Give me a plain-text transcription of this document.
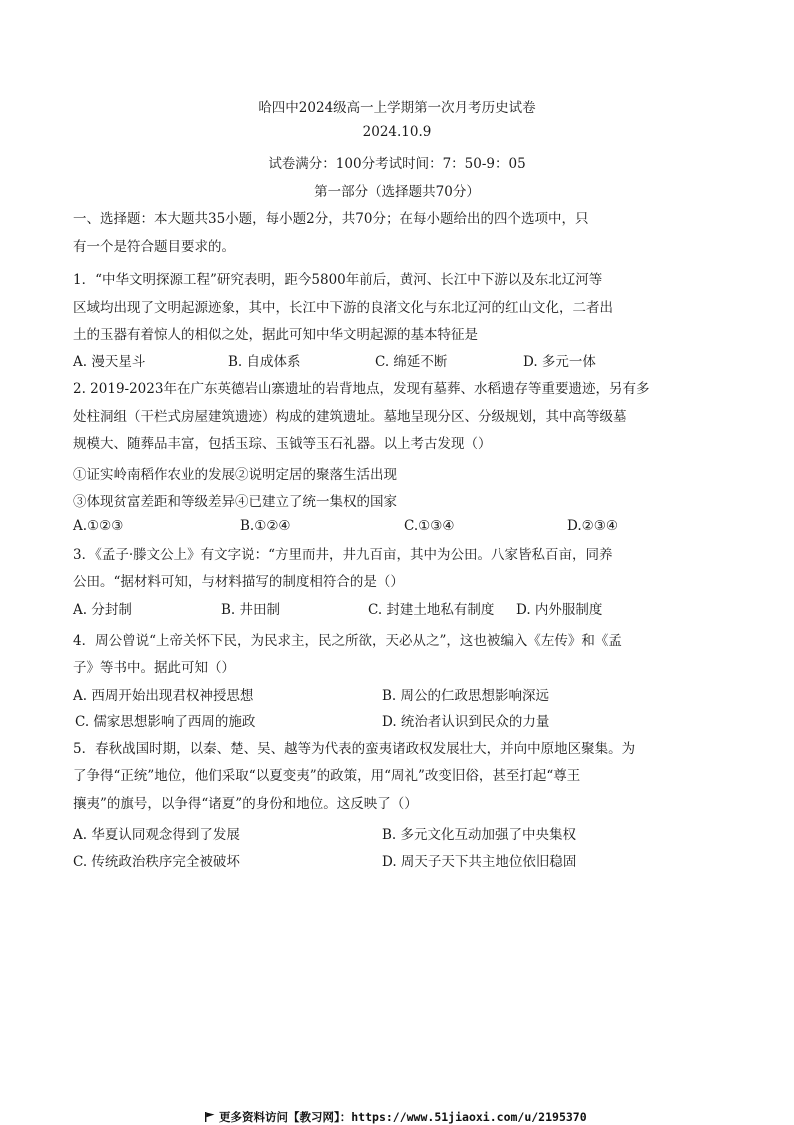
哈四中2024级高一上学期第一次月考历史试卷
2024.10.9
试卷满分：100分考试时间：7：50-9：05
第一部分（选择题共70分）
一、选择题：本大题共35小题，每小题2分，共70分；在每小题给出的四个选项中，只
有一个是符合题目要求的。
1．“中华文明探源工程”研究表明，距今5800年前后，黄河、长江中下游以及东北辽河等
区域均出现了文明起源迹象，其中，长江中下游的良渚文化与东北辽河的红山文化，二者出
土的玉器有着惊人的相似之处，据此可知中华文明起源的基本特征是
A. 漫天星斗	B. 自成体系	C. 绵延不断	D. 多元一体
2. 2019-2023年在广东英德岩山寨遗址的岩背地点，发现有墓葬、水稻遗存等重要遗迹，另有多
处柱洞组（干栏式房屋建筑遗迹）构成的建筑遗址。墓地呈现分区、分级规划，其中高等级墓
规模大、随葬品丰富，包括玉琮、玉钺等玉石礼器。以上考古发现（）
①证实岭南稻作农业的发展②说明定居的聚落生活出现
③体现贫富差距和等级差异④已建立了统一集权的国家
A.①②③	B.①②④	C.①③④	D.②③④
3．《孟子·滕文公上》有文字说：“方里而井，井九百亩，其中为公田。八家皆私百亩，同养
公田。“据材料可知，与材料描写的制度相符合的是（）
A. 分封制	B. 井田制	C. 封建土地私有制度 D. 内外服制度
4．周公曾说“上帝关怀下民，为民求主，民之所欲，天必从之”，这也被编入《左传》和《孟
子》等书中。据此可知（）
A. 西周开始出现君权神授思想	B. 周公的仁政思想影响深远
C. 儒家思想影响了西周的施政	D. 统治者认识到民众的力量
5．春秋战国时期，以秦、楚、吴、越等为代表的蛮夷诸政权发展壮大，并向中原地区聚集。为
了争得“正统”地位，他们采取“以夏变夷”的政策，用“周礼”改变旧俗，甚至打起“尊王
攘夷”的旗号，以争得“诸夏”的身份和地位。这反映了（）
A. 华夏认同观念得到了发展	B. 多元文化互动加强了中央集权
C. 传统政治秩序完全被破坏	D. 周天子天下共主地位依旧稳固
更多资料访问【教习网】：https://www.51jiaoxi.com/u/2195370
